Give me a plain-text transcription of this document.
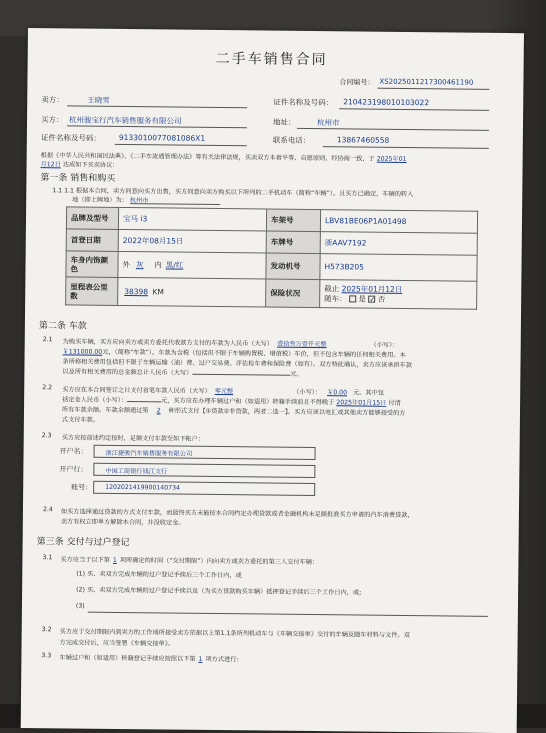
二手车销售合同
合同编号： XS2025011217300461190
卖方：	王晓雪	证件名称及号码： 210423198010103022
买方： 杭州骏宝行汽车销售服务有限公司	地址：	杭州市
证件名称及号码： 9133010077081086X1	联系电话：	13867460558
根据《中华人民共和国民法典》、《二手车流通管理办法》等有关法律法规，买卖双方本着平等、自愿原则，经协商一致，于 2025年01
月12日 达成如下买卖协议：
第一条 销售和购买
1.1 1.1 根据本合同，卖方同意向买方出售，买方同意向卖方购买以下所列的二手机动车（简称“车辆”）。且买方已确定，车辆的转入
地（即上牌地）为： 杭州市
品牌及型号	宝马 i3	车架号	LBV81BE06P1A01498
首登日期	2022年08月15日	车牌号	浙AAV7192
车身内饰颜色	外 灰 内 黑/红	发动机号	H573B205
里程表公里数	38398 KM	保险状况	截止 2025年01月12日
随车： 是 ✓ 否
第二条 车款
2.1 为购买车辆，买方应向卖方或卖方委托代收款方支付的车款为人民币（大写） 壹拾叁万壹仟元整	（小写）：
￥131000.00元，（简称“车款”）。车款为含税（包括但不限于车辆购置税、增值税）车价，但不包含车辆的任何相关费用。本
条所称相关费用包括但不限于车辆运输（油）费、过户交易费、评估检车费和保险费（如有）。双方特此确认，卖方应该承担车款
以及所有相关费用的总金额总计人民币（大写）	元。
2.2 买方应在本合同签订之日支付首笔车款人民币（大写） 零元整	（小写）： ￥0.00 元。其中包
括定金人民币（小写）：	元，买方应在办理车辆过户和（如适用）转籍手续前且不得晚于 2025年01月15日 付清
所有车款余额。车款余额通过第 2 种形式支付【①贷款②非贷款，两者二选一】。买方应该以电汇或其他卖方能够接受的方
式支付车款。
2.3 买方应按前述约定按时，足额支付车款至如下帐户：
开户名：	浙江捷骏汽车销售服务有限公司
开户行：	中国工商银行钱江支行
账号： 1202021419900140734
2.4 如买方选择通过贷款的方式支付车款，而最终买方未能按本合同约定办理贷款或者金融机构未足额批准买方申请的汽车消费贷款，
卖方有权立即单方解除本合同，并没收定金。
第三条 交付与过户登记
3.1 买方应当于以下第 1 项所确定的时间（“交付期限”）内向卖方或卖方委托的第三人交付车辆：
(1) 买、卖双方完成车辆的过户登记手续后三个工作日内，或
(2) 买、卖双方完成车辆的过户登记手续以及（为买方贷款购买车辆）抵押登记手续后三个工作日内，或;
(3)
3.2 买方应于交付期限内到卖方的工作场所接受卖方依据以上第1.1条所列机动车与《车辆交接单》交付的车辆及随车材料与文件。双
方完成交付后，应当签署《车辆交接单》。
3.3 车辆过户和（如适用）转籍登记手续应按照以下第 1 项方式进行:
